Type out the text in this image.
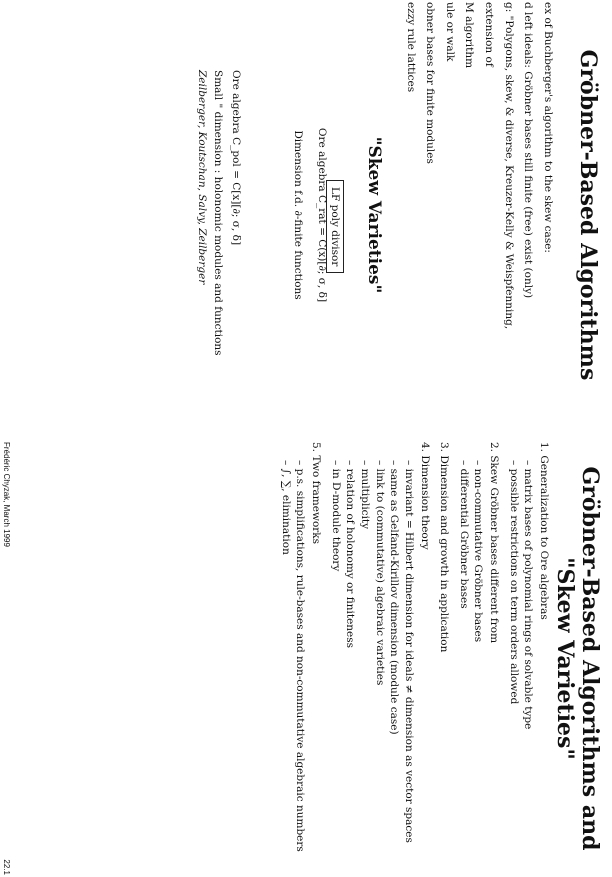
Gröbner-Based Algorithms
ex of Buchberger's algorithm to the skew case:
d left ideals: Gröbner bases still finite (free) exist (only)
g: "Polygons, skew, & diverse, Kreuzer-Kelly & Weispfenning,
extension of
M algorithm
ule or walk
obner bases for finite modules
ezzy rule lattices
"Skew Varieties"
LF poly divisor
Ore algebra C_rat = C(x)[∂; σ, δ]
Dimension f.d. ∂-finite functions
Ore algebra C_pol = C[x][∂; σ, δ]
Small " dimension : holonomic modules and functions
Zeilberger, Koutschan, Salvy, Zeilberger
Gröbner-Based Algorithms and "Skew Varieties"
1. Generalization to Ore algebras
– matrix bases of polynomial rings of solvable type
– possible restrictions on term orders allowed
2. Skew Gröbner bases different from
– non-commutative Gröbner bases
– differential Gröbner bases
3. Dimension and growth in application
4. Dimension theory
– invariant = Hilbert dimension for ideals ≠ dimension as vector spaces
– same as Gelfand-Kirillov dimension (module case)
– link to (commutative) algebraic varieties
– multiplicity
– relation of holonomy or finiteness
– in D-module theory
5. Two frameworks
– p.s. simplifications, rule-bases and non-commutative algebraic numbers
– ∫, ∑, elimination
Frédéric Chyzak, March 1999
22.1
